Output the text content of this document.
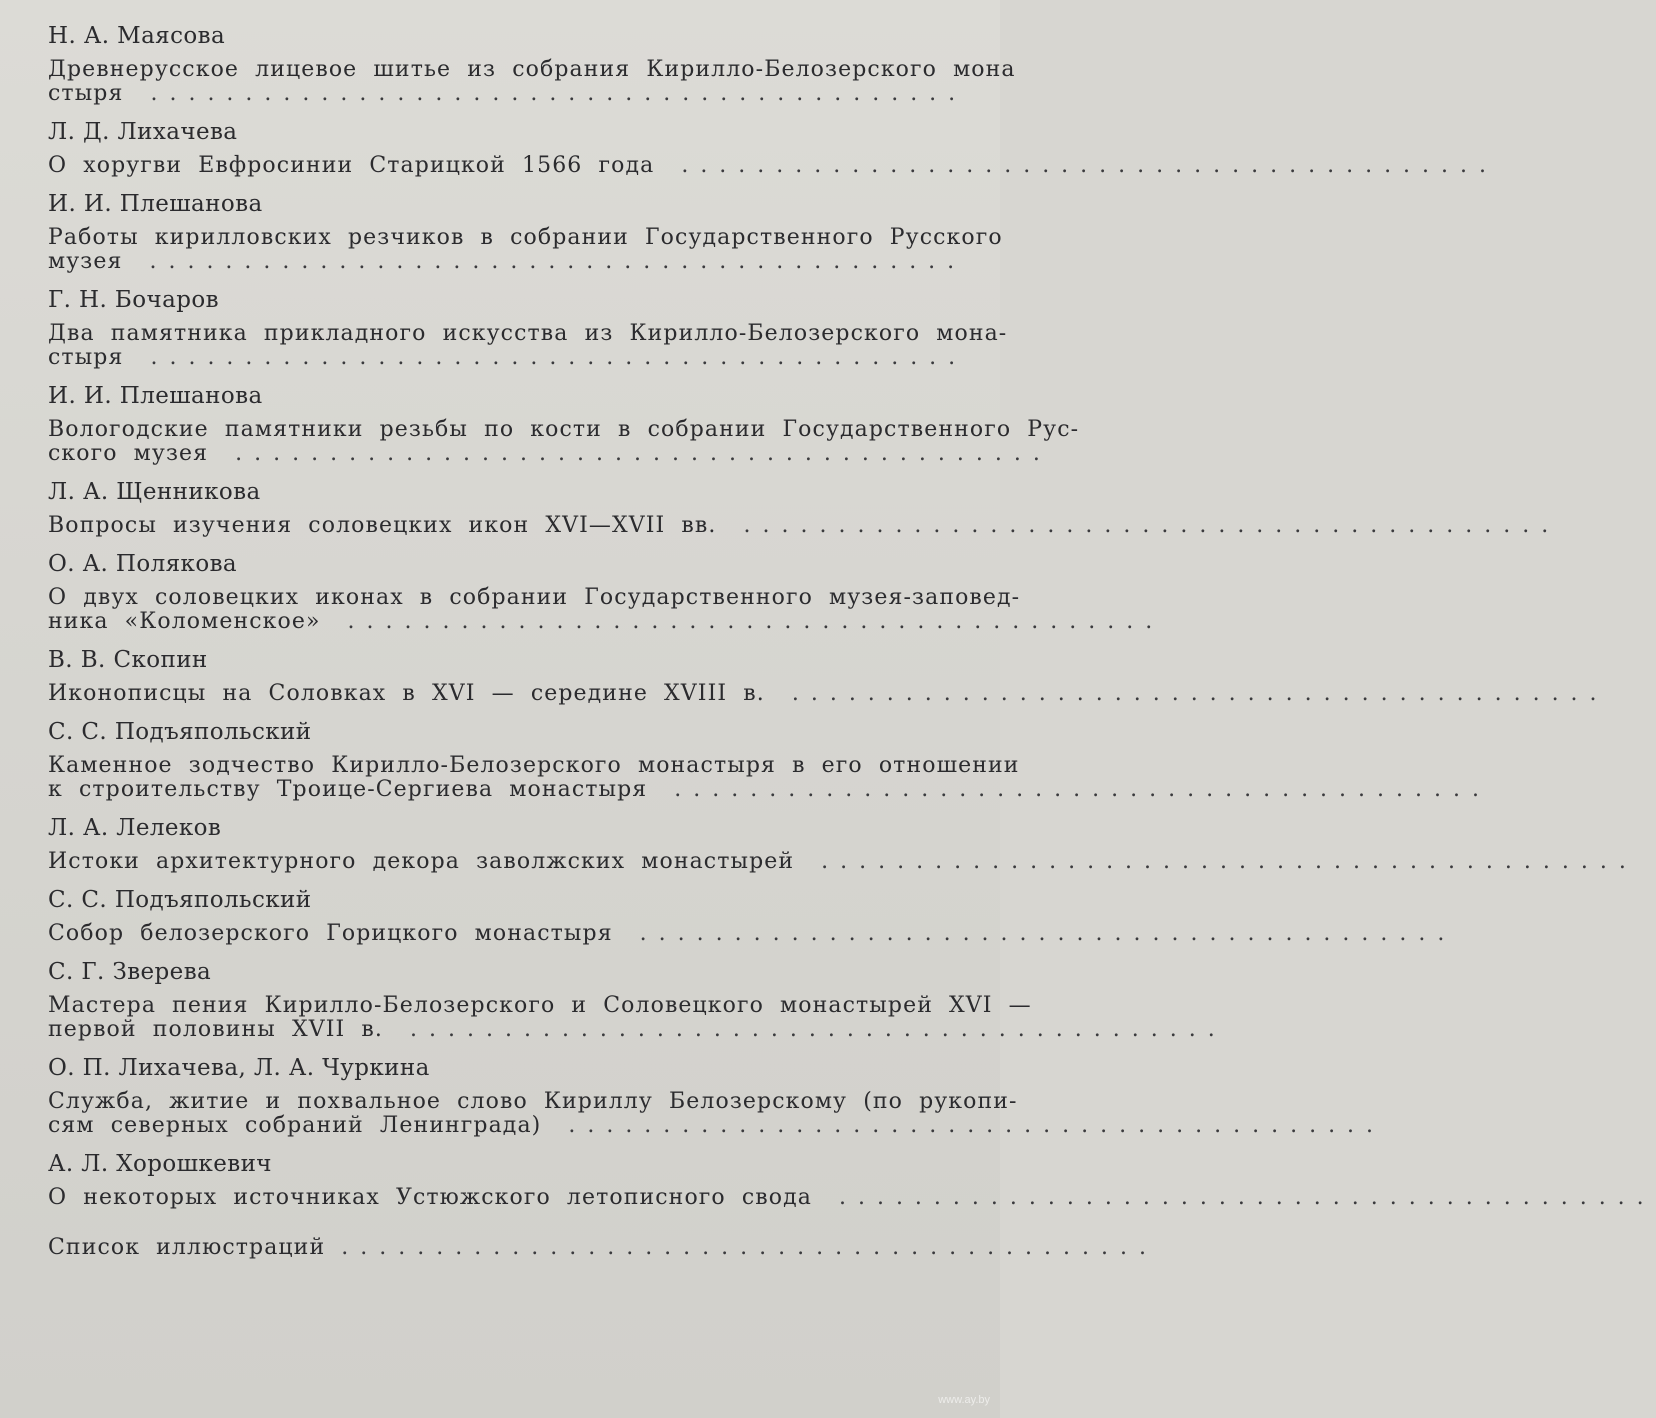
Н. А. Маясова
Древнерусское лицевое шитье из собрания Кирилло-Белозерского мона
стыря ...........................................
Л. Д. Лихачева
О хоругви Евфросинии Старицкой 1566 года ...........................................
И. И. Плешанова
Работы кирилловских резчиков в собрании Государственного Русского
музея ...........................................
Г. Н. Бочаров
Два памятника прикладного искусства из Кирилло-Белозерского мона-
стыря ...........................................
И. И. Плешанова
Вологодские памятники резьбы по кости в собрании Государственного Рус-
ского музея ...........................................
Л. А. Щенникова
Вопросы изучения соловецких икон XVI—XVII вв. ...........................................
О. А. Полякова
О двух соловецких иконах в собрании Государственного музея-заповед-
ника «Коломенское» ...........................................
В. В. Скопин
Иконописцы на Соловках в XVI — середине XVIII в. ...........................................
С. С. Подъяпольский
Каменное зодчество Кирилло-Белозерского монастыря в его отношении
к строительству Троице-Сергиева монастыря ...........................................
Л. А. Лелеков
Истоки архитектурного декора заволжских монастырей ...........................................
С. С. Подъяпольский
Собор белозерского Горицкого монастыря ...........................................
С. Г. Зверева
Мастера пения Кирилло-Белозерского и Соловецкого монастырей XVI —
первой половины XVII в. ...........................................
О. П. Лихачева, Л. А. Чуркина
Служба, житие и похвальное слово Кириллу Белозерскому (по рукопи-
сям северных собраний Ленинграда) ...........................................
А. Л. Хорошкевич
О некоторых источниках Устюжского летописного свода ...........................................
Список иллюстраций ...........................................
www.ay.by
